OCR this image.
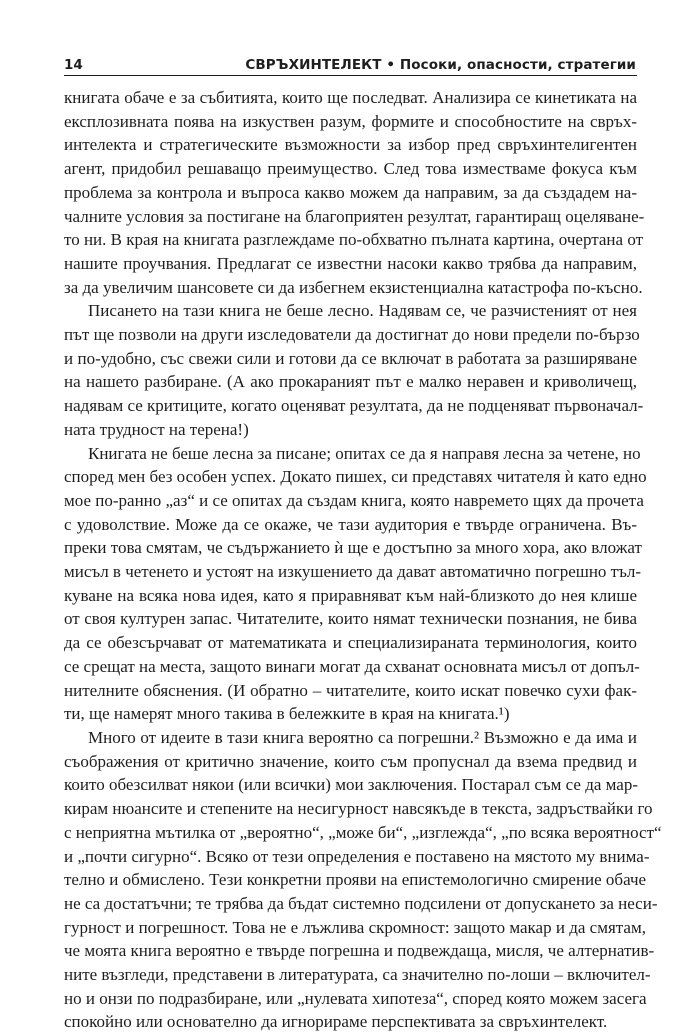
14	СВРЪХИНТЕЛЕКТ • Посоки, опасности, стратегии

книгата обаче е за събитията, които ще последват. Анализира се кинетиката на
експлозивната поява на изкуствен разум, формите и способностите на свръх-
интелекта и стратегическите възможности за избор пред свръхинтелигентен
агент, придобил решаващо преимущество. След това изместваме фокуса към
проблема за контрола и въпроса какво можем да направим, за да създадем на-
чалните условия за постигане на благоприятен резултат, гарантиращ оцеляване-
то ни. В края на книгата разглеждаме по-обхватно пълната картина, очертана от
нашите проучвания. Предлагат се известни насоки какво трябва да направим,
за да увеличим шансовете си да избегнем екзистенциална катастрофа по-късно.

Писането на тази книга не беше лесно. Надявам се, че разчистеният от нея
път ще позволи на други изследователи да достигнат до нови предели по-бързо
и по-удобно, със свежи сили и готови да се включат в работата за разширяване
на нашето разбиране. (А ако прокараният път е малко неравен и криволичещ,
надявам се критиците, когато оценяват резултата, да не подценяват първоначал-
ната трудност на терена!)

Книгата не беше лесна за писане; опитах се да я направя лесна за четене, но
според мен без особен успех. Докато пишех, си представях читателя ѝ като едно
мое по-ранно „аз“ и се опитах да създам книга, която навремето щях да прочета
с удоволствие. Може да се окаже, че тази аудитория е твърде ограничена. Въ-
преки това смятам, че съдържанието ѝ ще е достъпно за много хора, ако вложат
мисъл в четенето и устоят на изкушението да дават автоматично погрешно тъл-
куване на всяка нова идея, като я приравняват към най-близкото до нея клише
от своя културен запас. Читателите, които нямат технически познания, не бива
да се обезсърчават от математиката и специализираната терминология, които
се срещат на места, защото винаги могат да схванат основната мисъл от допъл-
нителните обяснения. (И обратно – читателите, които искат повечко сухи фак-
ти, ще намерят много такива в бележките в края на книгата.¹)

Много от идеите в тази книга вероятно са погрешни.² Възможно е да има и
съображения от критично значение, които съм пропуснал да взема предвид и
които обезсилват някои (или всички) мои заключения. Постарал съм се да мар-
кирам нюансите и степените на несигурност навсякъде в текста, задръствайки го
с неприятна мътилка от „вероятно“, „може би“, „изглежда“, „по всяка вероятност“
и „почти сигурно“. Всяко от тези определения е поставено на мястото му внима-
телно и обмислено. Тези конкретни прояви на епистемологично смирение обаче
не са достатъчни; те трябва да бъдат системно подсилени от допускането за неси-
гурност и погрешност. Това не е лъжлива скромност: защото макар и да смятам,
че моята книга вероятно е твърде погрешна и подвеждаща, мисля, че алтернатив-
ните възгледи, представени в литературата, са значително по-лоши – включител-
но и онзи по подразбиране, или „нулевата хипотеза“, според която можем засега
спокойно или основателно да игнорираме перспективата за свръхинтелект.
